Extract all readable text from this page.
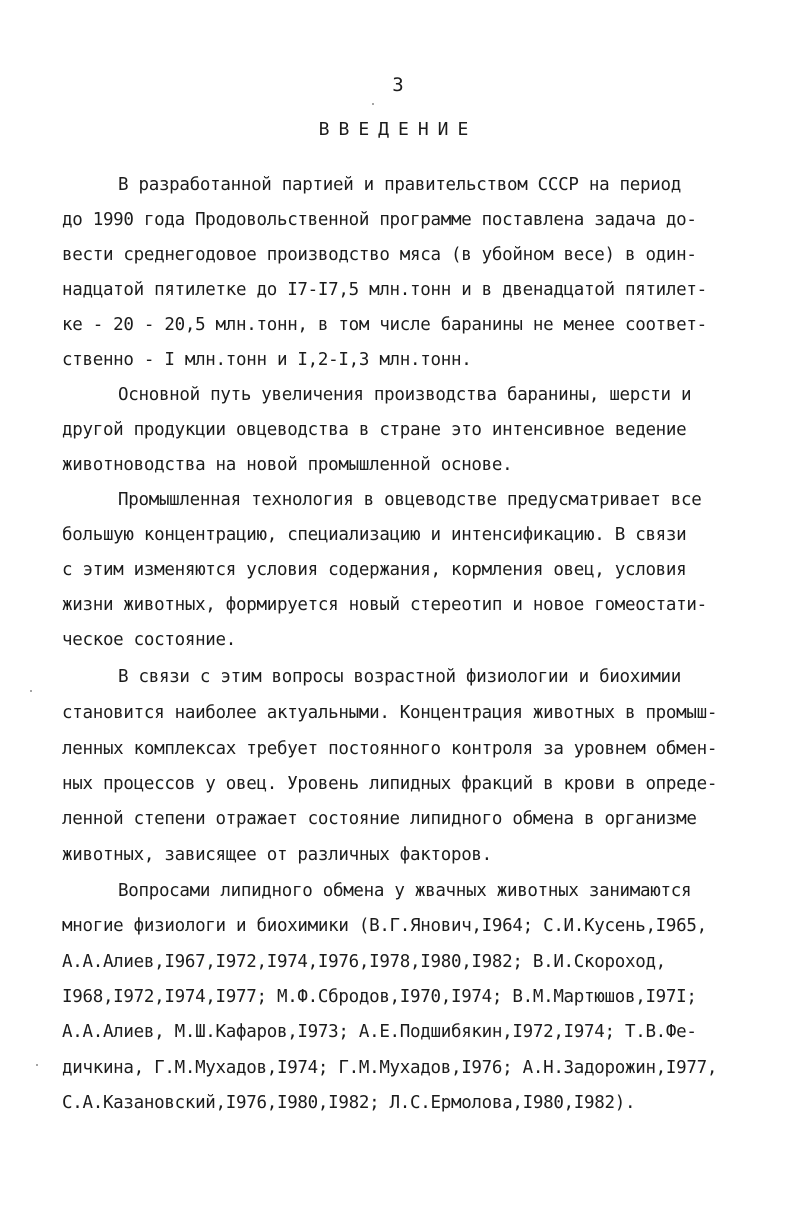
3
ВВЕДЕНИЕ
В разработанной партией и правительством СССР на период
до 1990 года Продовольственной программе поставлена задача до-
вести среднегодовое производство мяса (в убойном весе) в один-
надцатой пятилетке до I7-I7,5 млн.тонн и в двенадцатой пятилет-
ке - 20 - 20,5 млн.тонн, в том числе баранины не менее соответ-
ственно - I млн.тонн и I,2-I,3 млн.тонн.
Основной путь увеличения производства баранины, шерсти и
другой продукции овцеводства в стране это интенсивное ведение
животноводства на новой промышленной основе.
Промышленная технология в овцеводстве предусматривает все
большую концентрацию, специализацию и интенсификацию. В связи
с этим изменяются условия содержания, кормления овец, условия
жизни животных, формируется новый стереотип и новое гомеостати-
ческое состояние.
В связи с этим вопросы возрастной физиологии и биохимии
становится наиболее актуальными. Концентрация животных в промыш-
ленных комплексах требует постоянного контроля за уровнем обмен-
ных процессов у овец. Уровень липидных фракций в крови в опреде-
ленной степени отражает состояние липидного обмена в организме
животных, зависящее от различных факторов.
Вопросами липидного обмена у жвачных животных занимаются
многие физиологи и биохимики (В.Г.Янович,I964; С.И.Кусень,I965,
А.А.Алиев,I967,I972,I974,I976,I978,I980,I982; В.И.Скороход,
I968,I972,I974,I977; М.Ф.Сбродов,I970,I974; В.М.Мартюшов,I97I;
А.А.Алиев, М.Ш.Кафаров,I973; А.Е.Подшибякин,I972,I974; Т.В.Фе-
дичкина, Г.М.Мухадов,I974; Г.М.Мухадов,I976; А.Н.Задорожин,I977,
С.А.Казановский,I976,I980,I982; Л.С.Ермолова,I980,I982).
